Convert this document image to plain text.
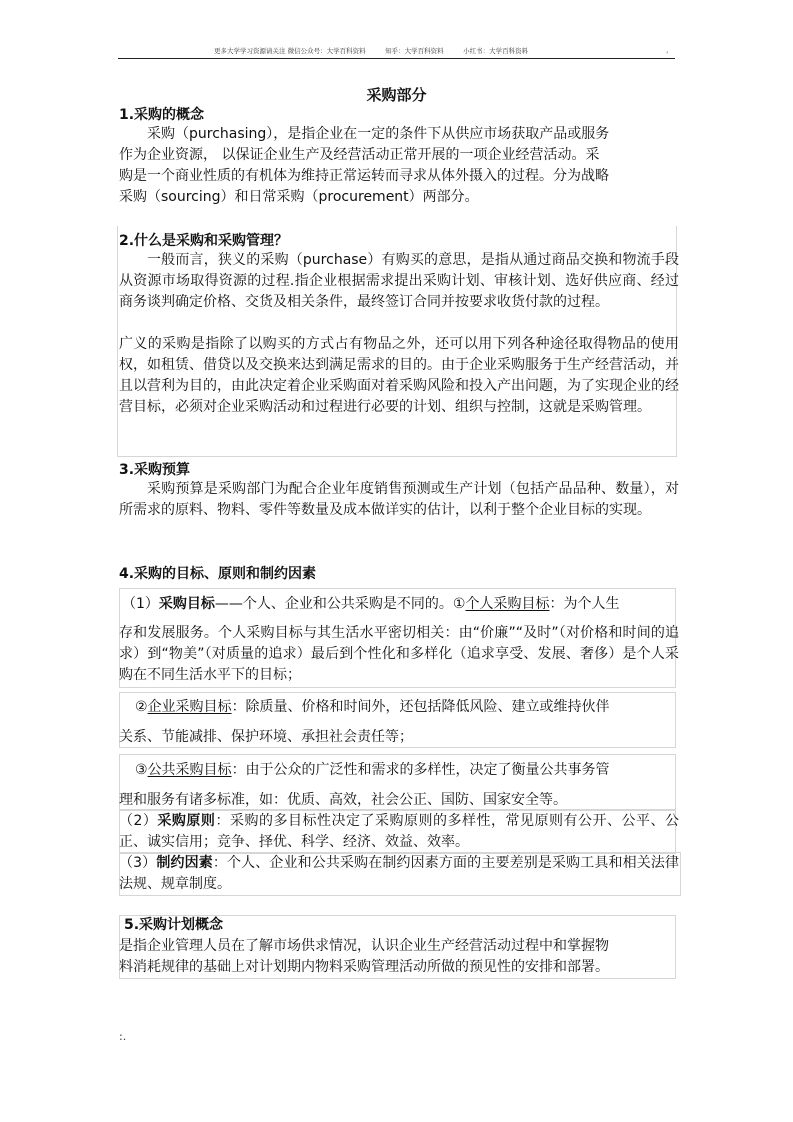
更多大学学习资源请关注 微信公众号：大学百科资料　　　知乎：大学百科资料　　　小红书：大学百科资料	，
采购部分
1.采购的概念
采购（purchasing），是指企业在一定的条件下从供应市场获取产品或服务
作为企业资源， 以保证企业生产及经营活动正常开展的一项企业经营活动。采
购是一个商业性质的有机体为维持正常运转而寻求从体外摄入的过程。分为战略
采购（sourcing）和日常采购（procurement）两部分。
2.什么是采购和采购管理？
一般而言，狭义的采购（purchase）有购买的意思，是指从通过商品交换和物流手段从资源市场取得资源的过程.指企业根据需求提出采购计划、审核计划、选好供应商、经过商务谈判确定价格、交货及相关条件，最终签订合同并按要求收货付款的过程。
广义的采购是指除了以购买的方式占有物品之外，还可以用下列各种途径取得物品的使用权，如租赁、借贷以及交换来达到满足需求的目的。由于企业采购服务于生产经营活动，并且以营利为目的，由此决定着企业采购面对着采购风险和投入产出问题，为了实现企业的经营目标，必须对企业采购活动和过程进行必要的计划、组织与控制，这就是采购管理。
3.采购预算
采购预算是采购部门为配合企业年度销售预测或生产计划（包括产品品种、数量），对所需求的原料、物料、零件等数量及成本做详实的估计，以利于整个企业目标的实现。
4.采购的目标、原则和制约因素
（1）采购目标——个人、企业和公共采购是不同的。①个人采购目标：为个人生
存和发展服务。个人采购目标与其生活水平密切相关：由“价廉”“及时”（对价格和时间的追求）到“物美”（对质量的追求）最后到个性化和多样化（追求享受、发展、奢侈）是个人采购在不同生活水平下的目标；
②企业采购目标：除质量、价格和时间外，还包括降低风险、建立或维持伙伴
关系、节能减排、保护环境、承担社会责任等；
③公共采购目标：由于公众的广泛性和需求的多样性，决定了衡量公共事务管
理和服务有诸多标准，如：优质、高效，社会公正、国防、国家安全等。
（2）采购原则：采购的多目标性决定了采购原则的多样性，常见原则有公开、公平、公正、诚实信用；竞争、择优、科学、经济、效益、效率。
（3）制约因素：个人、企业和公共采购在制约因素方面的主要差别是采购工具和相关法律法规、规章制度。
5.采购计划概念
是指企业管理人员在了解市场供求情况，认识企业生产经营活动过程中和掌握物
料消耗规律的基础上对计划期内物料采购管理活动所做的预见性的安排和部署。
:.
